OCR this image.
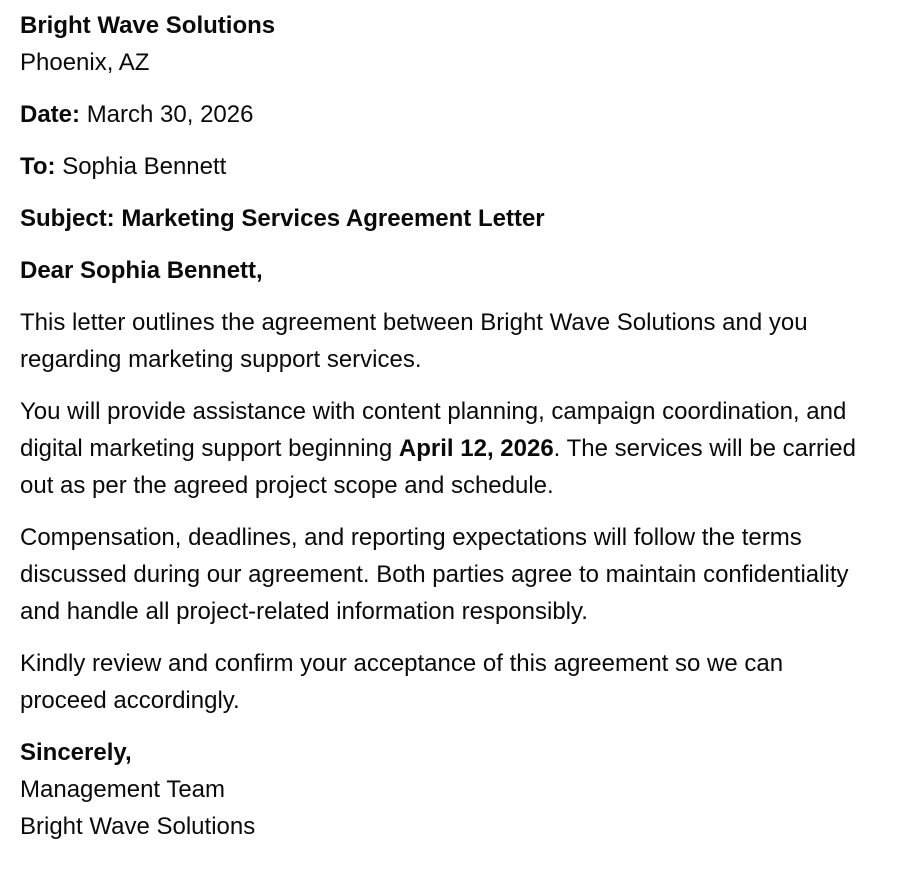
Bright Wave Solutions
Phoenix, AZ

Date: March 30, 2026

To: Sophia Bennett

Subject: Marketing Services Agreement Letter

Dear Sophia Bennett,

This letter outlines the agreement between Bright Wave Solutions and you regarding marketing support services.

You will provide assistance with content planning, campaign coordination, and digital marketing support beginning April 12, 2026. The services will be carried out as per the agreed project scope and schedule.

Compensation, deadlines, and reporting expectations will follow the terms discussed during our agreement. Both parties agree to maintain confidentiality and handle all project-related information responsibly.

Kindly review and confirm your acceptance of this agreement so we can proceed accordingly.

Sincerely,
Management Team
Bright Wave Solutions
